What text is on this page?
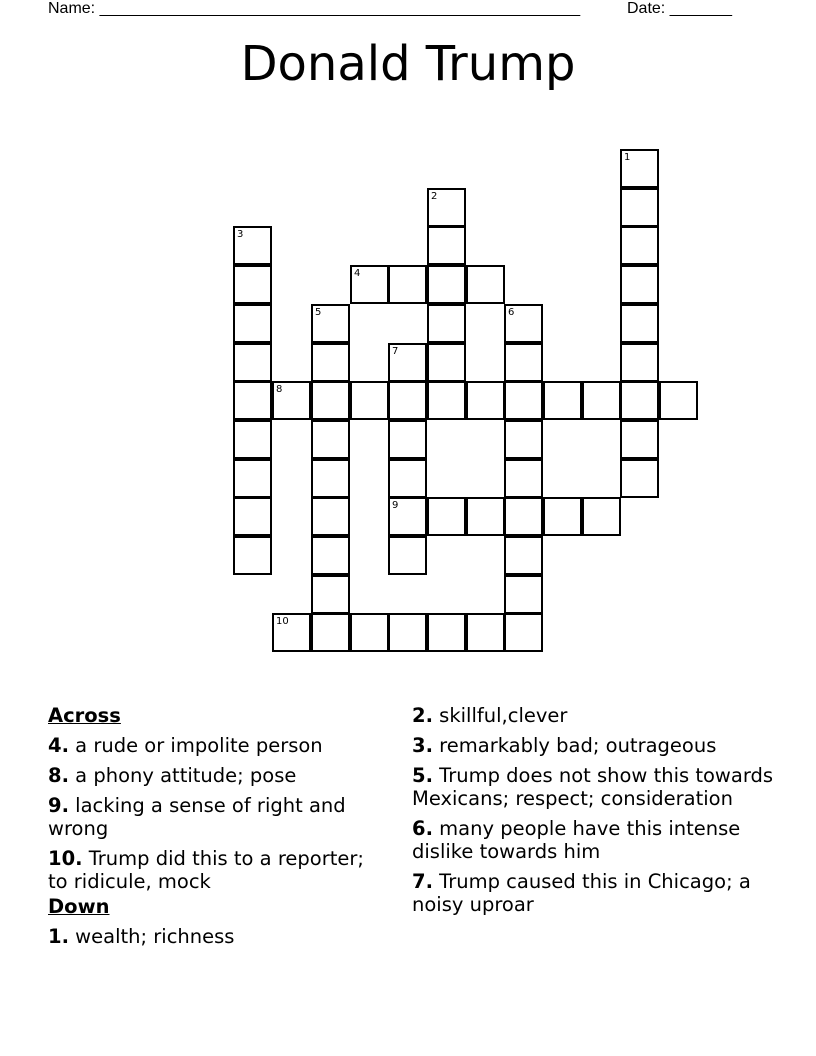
Name: ______________________________________________________	Date: _______
Donald Trump
1
2
3
4
5	6
7
9
8
10
Across
4. a rude or impolite person
8. a phony attitude; pose
9. lacking a sense of right and wrong
10. Trump did this to a reporter; to ridicule, mock
Down
1. wealth; richness
2. skillful,clever
3. remarkably bad; outrageous
5. Trump does not show this towards Mexicans; respect; consideration
6. many people have this intense dislike towards him
7. Trump caused this in Chicago; a noisy uproar
